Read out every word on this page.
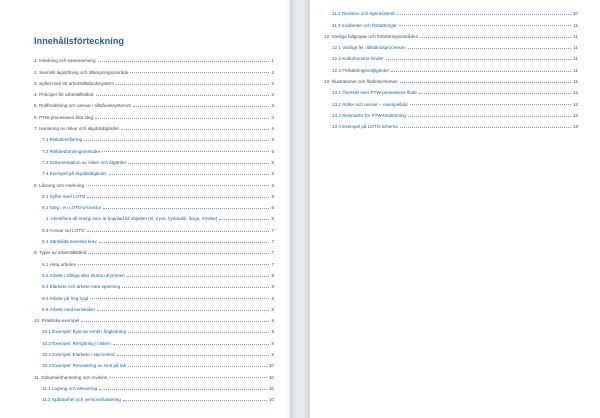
Innehållsförteckning
1. Inledning och sammanhang	1
2. Svenskt lagstiftning och tillämpningsområde	2
3. Syftet med ett arbetstillståndssystem	2
4. Principer för arbetstillstånd	2
5. Rollfördelning och ansvar i tillståndssystemet	3
6. PTW-processens åtta steg	4
7. Hantering av risker och skyddsåtgärder	5
7.1 Riskidentifiering	5
7.2 Riskbedömningsmetoder	6
7.3 Dokumentation av risker och åtgärder	6
7.4 Exempel på skyddsåtgärder	6
8. Låsning och märkning	6
8.1 Syftet med LOTO	6
8.2 Steg i en LOTO-procedur	6
1. Identifiera all energi som är kopplad till objektet (el, tryck, hydraulik, ånga, rörelse)	6
8.3 Ansvar vid LOTO	7
8.4 Särskilda svenska krav	7
9. Typer av arbetstillstånd	7
9.1 Heta arbeten	7
9.2 Arbete i trånga eller slutna utrymmen	8
9.3 Elarbete och arbete nära spänning	8
9.4 Arbete på hög höjd	8
9.5 Arbete med kemikalier	8
10. Praktiska exempel	9
10.1 Exempel: Byte av ventil i ångledning	9
10.2 Exempel: Rengöring i cistern	9
10.3 Exempel: Elarbete i styrcentral	9
10.4 Exempel: Renovering av smö på tak	10
11. Dokumenthantering och revision	10
11.1 Lagring och arkivering	10
11.2 Spårbarhet och versionshantering	10
11.3 Revision och egenkontroll	10
11.4 Incidenter och förbättringar	11
12. Vanliga fallgropar och förbättringsområden	11
12.1 Vanliga fel i tillståndsprocessen	11
12.2 Kulturbundna hinder	11
12.3 Förbättringsmöjligheter	11
13. Illustrationer och flödesscheman	11
13.1 Översikt över PTW-processens flöde	12
13.2 Roller och ansvar – exempelbild	12
13.3 Riskmatris för PTW-bedömning	12
13.4 Exempel på LOTO-schema	13
